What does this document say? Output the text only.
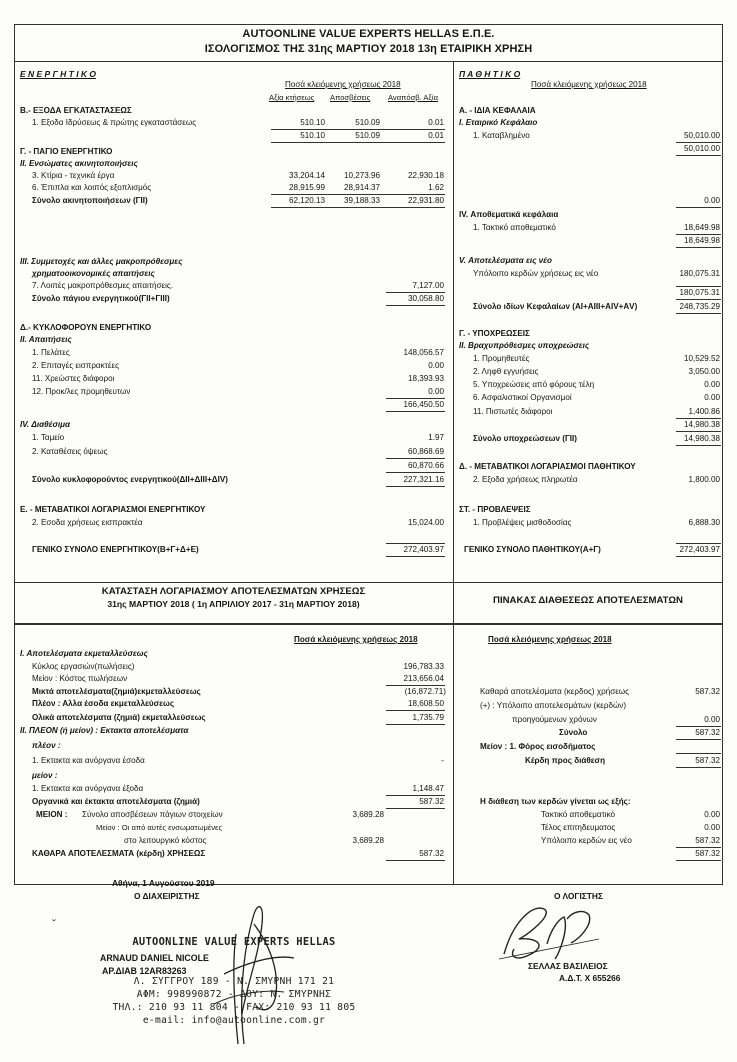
AUTOONLINE VALUE EXPERTS HELLAS Ε.Π.Ε.
ΙΣΟΛΟΓΙΣΜΟΣ ΤΗΣ 31ης ΜΑΡΤΙΟΥ 2018 13η ΕΤΑΙΡΙΚΗ ΧΡΗΣΗ
Ε Ν Ε Ρ Γ Η Τ Ι Κ Ο
Ποσά κλειόμενης χρήσεως 2018
Αξία κτήσεως Αποσβέσεις Αναπόσβ. Αξία
Β.- ΕΞΟΔΑ ΕΓΚΑΤΑΣΤΑΣΕΩΣ
1. Εξοδα Ιδρύσεως & πρώτης εγκαταστάσεως	510.10	510.09	0.01
510.10	510.09	0.01
Γ. - ΠΑΓΙΟ ΕΝΕΡΓΗΤΙΚΟ
ΙΙ. Ενσώματες ακινητοποιήσεις
3. Κτίρια - τεχνικά έργα	33,204.14	10,273.96	22,930.18
6. Έπιπλα και λοιπός εξοπλισμός	28,915.99	28,914.37	1.62
Σύνολο ακινητοποιήσεων (ΓΙΙ)	62,120.13	39,188.33	22,931.80
ΙΙΙ. Συμμετοχές και άλλες μακροπρόθεσμες
χρηματοοικονομικές απαιτήσεις
7. Λοιπές μακροπρόθεσμες απαιτήσεις.	7,127.00
Σύνολο πάγιου ενεργητικού(ΓΙΙ+ΓΙΙΙ)	30,058.80
Δ.- ΚΥΚΛΟΦΟΡΟΥΝ ΕΝΕΡΓΗΤΙΚΟ
ΙΙ. Απαιτήσεις
1. Πελάτες	148,056.57
2. Επιταγές εισπρακτέες	0.00
11. Χρεώστες διάφοροι	18,393.93
12. Προκ/λες προμηθευτων	0.00
166,450.50
IV. Διαθέσιμα
1. Ταμείο	1.97
2. Καταθέσεις όψεως	60,868.69
60,870.66
Σύνολο κυκλοφορούντος ενεργητικού(ΔΙΙ+ΔΙΙΙ+ΔΙV)	227,321.16
Ε. - ΜΕΤΑΒΑΤΙΚΟΙ ΛΟΓΑΡΙΑΣΜΟΙ ΕΝΕΡΓΗΤΙΚΟΥ
2. Εσοδα χρήσεως εισπρακτέα	15,024.00
ΓΕΝΙΚΟ ΣΥΝΟΛΟ ΕΝΕΡΓΗΤΙΚΟΥ(Β+Γ+Δ+Ε)	272,403.97
Π Α Θ Η Τ Ι Κ Ο
Ποσά κλειόμενης χρήσεως 2018
Α. - ΙΔΙΑ ΚΕΦΑΛΑΙΑ
Ι. Εταιρικό Κεφάλαιο
1. Καταβλημένο	50,010.00
50,010.00
0.00
IV. Αποθεματικά κεφάλαια
1. Τακτικό αποθεματικό	18,649.98
18,649.98
V. Αποτελέσματα εις νέο
Υπόλοιπο κερδών χρήσεως εις νέο	180,075.31
180,075.31
Σύνολο ιδίων Κεφαλαίων (ΑΙ+ΑΙΙΙ+ΑΙV+ΑV)	248,735.29
Γ. - ΥΠΟΧΡΕΩΣΕΙΣ
ΙΙ. Βραχυπρόθεσμες υποχρεώσεις
1. Προμηθευτές	10,529.52
2. Ληφθ εγγυήσεις	3,050.00
5. Υποχρεώσεις από φόρους τέλη	0.00
6. Ασφαλιστικοί Οργανισμοί	0.00
11. Πιστωτές διάφοροι	1,400.86
14,980.38
Σύνολο υποχρεώσεων (ΓΙΙ)	14,980.38
Δ. - ΜΕΤΑΒΑΤΙΚΟΙ ΛΟΓΑΡΙΑΣΜΟΙ ΠΑΘΗΤΙΚΟΥ
2. Εξοδα χρήσεως πληρωτέα	1,800.00
ΣΤ. - ΠΡΟΒΛΕΨΕΙΣ
1. Προβλέψεις μισθοδοσίας	6,888.30
ΓΕΝΙΚΟ ΣΥΝΟΛΟ ΠΑΘΗΤΙΚΟΥ(Α+Γ)	272,403.97
ΚΑΤΑΣΤΑΣΗ ΛΟΓΑΡΙΑΣΜΟΥ ΑΠΟΤΕΛΕΣΜΑΤΩΝ ΧΡΗΣΕΩΣ
31ης ΜΑΡΤΙΟΥ 2018 ( 1η ΑΠΡΙΛΙΟΥ 2017 - 31η ΜΑΡΤΙΟΥ 2018)
Ποσά κλειόμενης χρήσεως 2018
Ι. Αποτελέσματα εκμεταλλεύσεως
Κύκλος εργασιών(πωλήσεις)	196,783.33
Μείον : Κόστος πωλήσεων	213,656.04
Μικτά αποτελέσματα(ζημιά)εκμεταλλεύσεως	(16,872.71)
Πλέον : Αλλα έσοδα εκμεταλλεύσεως	18,608.50
Ολικά αποτελέσματα (ζημιά) εκμεταλλεύσεως	1,735.79
ΙΙ. ΠΛΕΟΝ (ή μείον) : Εκτακτα αποτελέσματα
πλέον :
1. Εκτακτα και ανόργανα έσοδα	-
μείον :
1. Εκτακτα και ανόργανα έξοδα	1,148.47
Οργανικά και έκτακτα αποτελέσματα (ζημιά)	587.32
ΜΕΙΟΝ : Σύνολο αποσβέσεων πάγιων στοιχείων	3,689.28
Μείον : Οι από αυτές ενσωματωμένες
στο λειτουργικό κόστος	3,689.28
ΚΑΘΑΡΑ ΑΠΟΤΕΛΕΣΜΑΤΑ (κέρδη) ΧΡΗΣΕΩΣ	587.32
ΠΙΝΑΚΑΣ ΔΙΑΘΕΣΕΩΣ ΑΠΟΤΕΛΕΣΜΑΤΩΝ
Ποσά κλειόμενης χρήσεως 2018
Καθαρά αποτελέσματα (κερδος) χρήσεως	587.32
(+) : Υπόλοιπο αποτελεσμάτων (κερδών)
προηγούμενων χρόνων	0.00
Σύνολο	587.32
Μείον : 1. Φόρος εισοδήματος
Κέρδη προς διάθεση	587.32
Η διάθεση των κερδών γίνεται ως εξής:
Τακτικό αποθεματικό	0.00
Τέλος επιτηδευματος	0.00
Υπόλοιπο κερδών εις νέο	587.32
587.32
Αθήνα, 1 Αυγούστου 2019
Ο ΔΙΑΧΕΙΡΙΣΤΗΣ	Ο ΛΟΓΙΣΤΗΣ
ΣΕΛΛΑΣ ΒΑΣΙΛΕΙΟΣ
Α.Δ.Τ. Χ 655266
ARNAUD DANIEL NICOLE
ΑΡ.ΔΙΑΒ 12AR83263
AUTOONLINE VALUE EXPERTS HELLAS
Λ. ΣΥΓΓΡΟΥ 189 - Ν. ΣΜΥΡΝΗ 171 21
ΑΦΜ: 998990872 - ΔΟΥ: Ν. ΣΜΥΡΝΗΣ
ΤΗΛ.: 210 93 11 804 - FAX: 210 93 11 805
e-mail: info@autoonline.com.gr
ˇ
